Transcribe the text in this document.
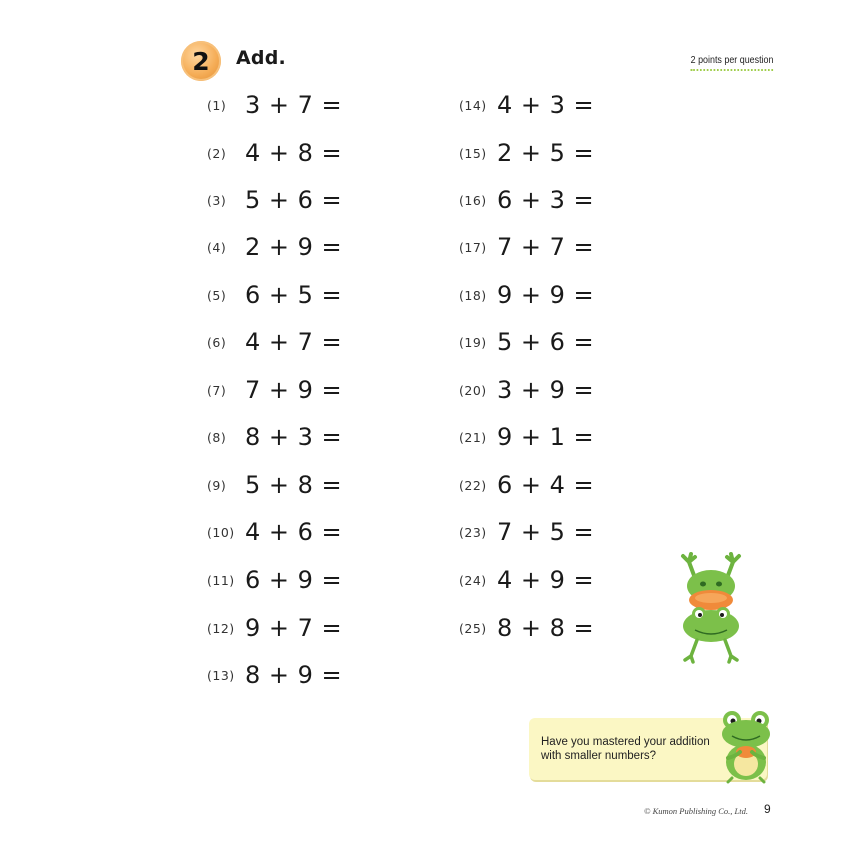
2 Add.	2 points per question
(1) 3 + 7 =
(2) 4 + 8 =
(3) 5 + 6 =
(4) 2 + 9 =
(5) 6 + 5 =
(6) 4 + 7 =
(7) 7 + 9 =
(8) 8 + 3 =
(9) 5 + 8 =
(10) 4 + 6 =
(11) 6 + 9 =
(12) 9 + 7 =
(13) 8 + 9 =
(14) 4 + 3 =
(15) 2 + 5 =
(16) 6 + 3 =
(17) 7 + 7 =
(18) 9 + 9 =
(19) 5 + 6 =
(20) 3 + 9 =
(21) 9 + 1 =
(22) 6 + 4 =
(23) 7 + 5 =
(24) 4 + 9 =
(25) 8 + 8 =
Have you mastered your addition with smaller numbers?
© Kumon Publishing Co., Ltd. 9
